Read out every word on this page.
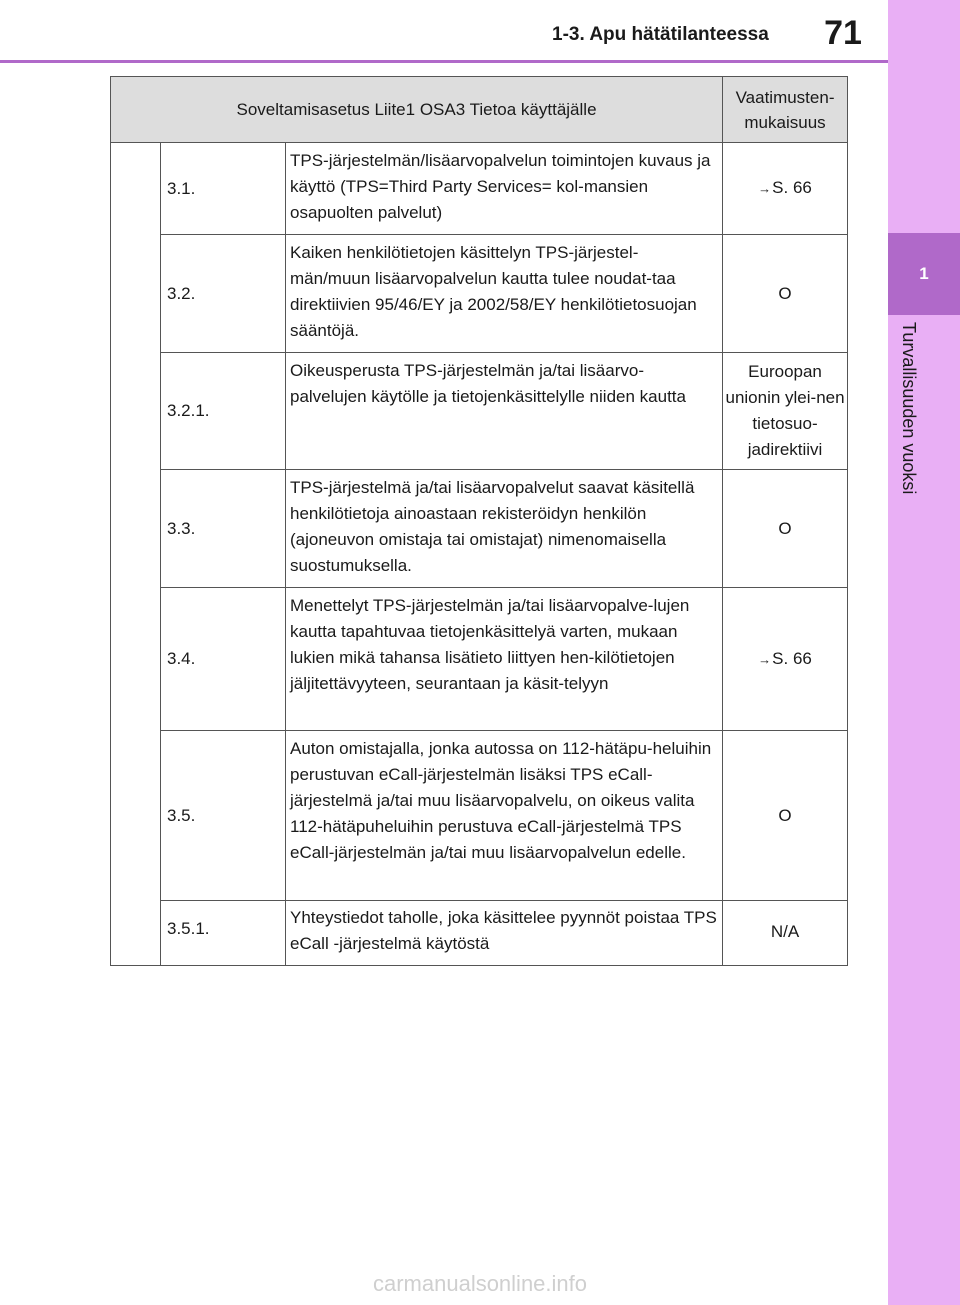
1-3. Apu hätätilanteessa	71
1
Turvallisuuden vuoksi
Soveltamisasetus Liite1 OSA3 Tietoa käyttäjälle			Vaatimusten-
mukaisuus
	3.1.	TPS-järjestelmän/lisäarvopalvelun toimintojen kuvaus ja käyttö (TPS=Third Party Services= kol-mansien osapuolten palvelut)	→S. 66
	3.2.	Kaiken henkilötietojen käsittelyn TPS-järjestel-män/muun lisäarvopalvelun kautta tulee noudat-taa direktiivien 95/46/EY ja 2002/58/EY henkilötietosuojan sääntöjä.	O
	3.2.1.	Oikeusperusta TPS-järjestelmän ja/tai lisäarvo-palvelujen käytölle ja tietojenkäsittelylle niiden kautta	Euroopan unionin ylei-nen tietosuo-jadirektiivi
	3.3.	TPS-järjestelmä ja/tai lisäarvopalvelut saavat käsitellä henkilötietoja ainoastaan rekisteröidyn henkilön (ajoneuvon omistaja tai omistajat) nimenomaisella suostumuksella.	O
	3.4.	Menettelyt TPS-järjestelmän ja/tai lisäarvopalve-lujen kautta tapahtuvaa tietojenkäsittelyä varten, mukaan lukien mikä tahansa lisätieto liittyen hen-kilötietojen jäljitettävyyteen, seurantaan ja käsit-telyyn	→S. 66
	3.5.	Auton omistajalla, jonka autossa on 112-hätäpu-heluihin perustuvan eCall-järjestelmän lisäksi TPS eCall-järjestelmä ja/tai muu lisäarvopalvelu, on oikeus valita 112-hätäpuheluihin perustuva eCall-järjestelmä TPS eCall-järjestelmän ja/tai muu lisäarvopalvelun edelle.	O
	3.5.1.	Yhteystiedot taholle, joka käsittelee pyynnöt poistaa TPS eCall -järjestelmä käytöstä	N/A
carmanualsonline.info
